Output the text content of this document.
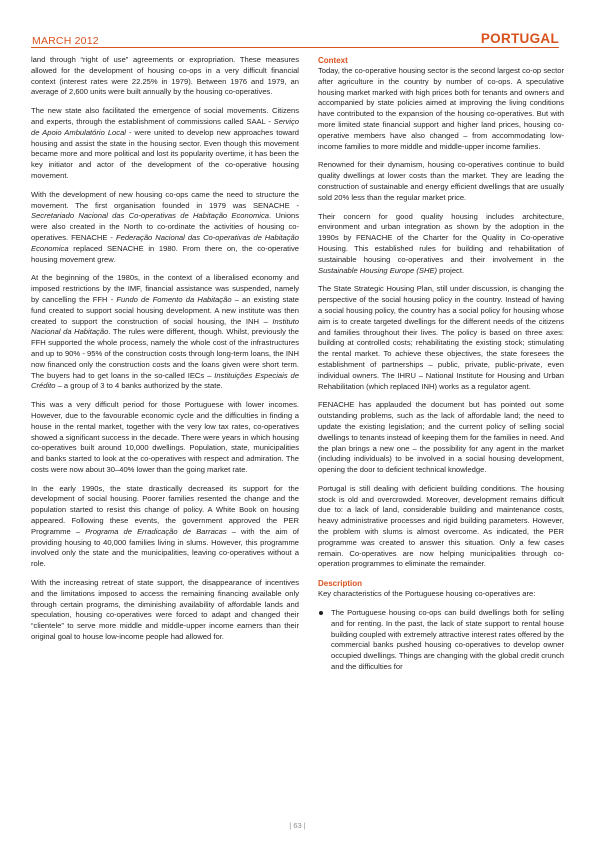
MARCH 2012	PORTUGAL

land through “right of use” agreements or expropriation. These measures allowed for the development of housing co-ops in a very difficult financial context (interest rates were 22.25% in 1979). Between 1976 and 1979, an average of 2,600 units were built annually by the housing co-operatives.

The new state also facilitated the emergence of social movements. Citizens and experts, through the establishment of commissions called SAAL - Serviço de Apoio Ambulatório Local - were united to develop new approaches toward housing and assist the state in the housing sector. Even though this movement became more and more political and lost its popularity overtime, it has been the key initiator and actor of the development of the co-operative housing movement.

With the development of new housing co-ops came the need to structure the movement. The first organisation founded in 1979 was SENACHE - Secretariado Nacional das Co-operativas de Habitação Economica. Unions were also created in the North to co-ordinate the activities of housing co-operatives. FENACHE - Federação Nacional das Co-operativas de Habitação Economica replaced SENACHE in 1980. From there on, the co-operative housing movement grew.

At the beginning of the 1980s, in the context of a liberalised economy and imposed restrictions by the IMF, financial assistance was suspended, namely by cancelling the FFH - Fundo de Fomento da Habitação – an existing state fund created to support social housing development. A new institute was then created to support the construction of social housing, the INH – Instituto Nacional da Habitação. The rules were different, though. Whilst, previously the FFH supported the whole process, namely the whole cost of the infrastructures and up to 90% - 95% of the construction costs through long-term loans, the INH now financed only the construction costs and the loans given were short term. The buyers had to get loans in the so-called IECs – Instituições Especiais de Crédito – a group of 3 to 4 banks authorized by the state.

This was a very difficult period for those Portuguese with lower incomes. However, due to the favourable economic cycle and the difficulties in finding a house in the rental market, together with the very low tax rates, co-operatives showed a significant success in the decade. There were years in which housing co-operatives built around 10,000 dwellings. Population, state, municipalities and banks started to look at the co-operatives with respect and admiration. The costs were now about 30–40% lower than the going market rate.

In the early 1990s, the state drastically decreased its support for the development of social housing. Poorer families resented the change and the population started to resist this change of policy. A White Book on housing appeared. Following these events, the government approved the PER Programme – Programa de Erradicação de Barracas – with the aim of providing housing to 40,000 families living in slums. However, this programme involved only the state and the municipalities, leaving co-operatives without a role.

With the increasing retreat of state support, the disappearance of incentives and the limitations imposed to access the remaining financing available only through certain programs, the diminishing availability of affordable lands and speculation, housing co-operatives were forced to adapt and changed their “clientele” to serve more middle and middle-upper income earners than their original goal to house low-income people had allowed for.

Context

Today, the co-operative housing sector is the second largest co-op sector after agriculture in the country by number of co-ops. A speculative housing market marked with high prices both for tenants and owners and accompanied by state policies aimed at improving the living conditions have contributed to the expansion of the housing co-operatives. But with more limited state financial support and higher land prices, housing co-operative members have also changed – from accommodating low-income families to more middle and middle-upper income families.

Renowned for their dynamism, housing co-operatives continue to build quality dwellings at lower costs than the market. They are leading the construction of sustainable and energy efficient dwellings that are usually sold 20% less than the regular market price.

Their concern for good quality housing includes architecture, environment and urban integration as shown by the adoption in the 1990s by FENACHE of the Charter for the Quality in Co-operative Housing. This established rules for building and rehabilitation of sustainable housing co-operatives and their involvement in the Sustainable Housing Europe (SHE) project.

The State Strategic Housing Plan, still under discussion, is changing the perspective of the social housing policy in the country. Instead of having a social housing policy, the country has a social policy for housing whose aim is to create targeted dwellings for the different needs of the citizens and families throughout their lives. The policy is based on three axes: building at controlled costs; rehabilitating the existing stock; stimulating the rental market. To achieve these objectives, the state foresees the establishment of partnerships – public, private, public-private, even individual owners. The IHRU – National Institute for Housing and Urban Rehabilitation (which replaced INH) works as a regulator agent.

FENACHE has applauded the document but has pointed out some outstanding problems, such as the lack of affordable land; the need to update the existing legislation; and the current policy of selling social dwellings to tenants instead of keeping them for the families in need. And the plan brings a new one – the possibility for any agent in the market (including individuals) to be involved in a social housing development, opening the door to deficient technical knowledge.

Portugal is still dealing with deficient building conditions. The housing stock is old and overcrowded. Moreover, development remains difficult due to: a lack of land, considerable building and maintenance costs, heavy administrative processes and rigid building parameters. However, the problem with slums is almost overcome. As indicated, the PER programme was created to answer this situation. Only a few cases remain. Co-operatives are now helping municipalities through co-operation programmes to eliminate the remainder.

Description

Key characteristics of the Portuguese housing co-operatives are:

The Portuguese housing co-ops can build dwellings both for selling and for renting. In the past, the lack of state support to rental house building coupled with extremely attractive interest rates offered by the commercial banks pushed housing co-operatives to develop owner occupied dwellings. Things are changing with the global credit crunch and the difficulties for
| 63 |
